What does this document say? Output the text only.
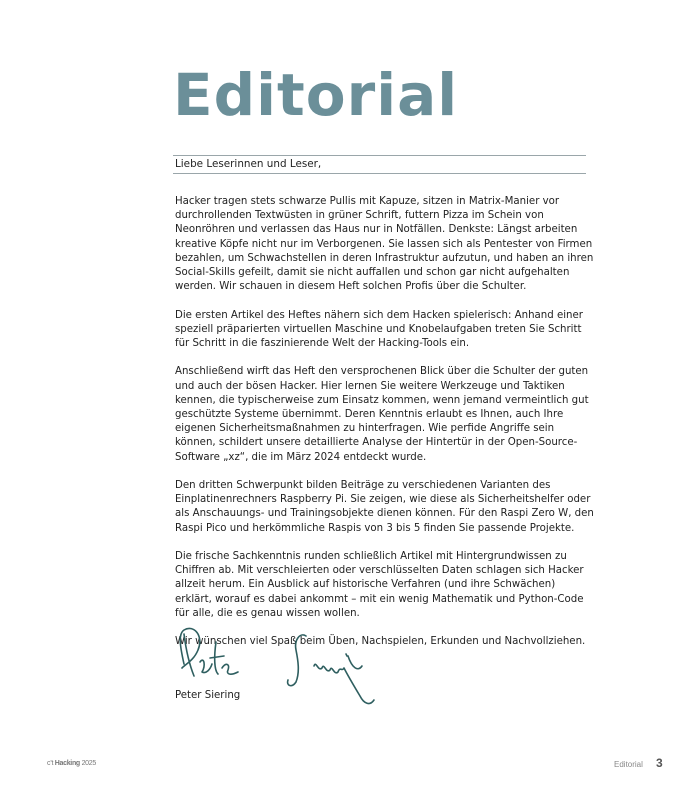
Editorial
Liebe Leserinnen und Leser,

Hacker tragen stets schwarze Pullis mit Kapuze, sitzen in Matrix-Manier vor durchrollenden Textwüsten in grüner Schrift, futtern Pizza im Schein von Neonröhren und verlassen das Haus nur in Notfällen. Denkste: Längst arbeiten kreative Köpfe nicht nur im Verborgenen. Sie lassen sich als Pentester von Firmen bezahlen, um Schwachstellen in deren Infrastruktur aufzutun, und haben an ihren Social-Skills gefeilt, damit sie nicht auffallen und schon gar nicht aufgehalten werden. Wir schauen in diesem Heft solchen Profis über die Schulter.

Die ersten Artikel des Heftes nähern sich dem Hacken spielerisch: Anhand einer speziell präparierten virtuellen Maschine und Knobelaufgaben treten Sie Schritt für Schritt in die faszinierende Welt der Hacking-Tools ein.

Anschließend wirft das Heft den versprochenen Blick über die Schulter der guten und auch der bösen Hacker. Hier lernen Sie weitere Werkzeuge und Taktiken kennen, die typischerweise zum Einsatz kommen, wenn jemand vermeintlich gut geschützte Systeme übernimmt. Deren Kenntnis erlaubt es Ihnen, auch Ihre eigenen Sicherheitsmaßnahmen zu hinterfragen. Wie perfide Angriffe sein können, schildert unsere detaillierte Analyse der Hintertür in der Open-Source-Software „xz“, die im März 2024 entdeckt wurde.

Den dritten Schwerpunkt bilden Beiträge zu verschiedenen Varianten des Einplatinenrechners Raspberry Pi. Sie zeigen, wie diese als Sicherheitshelfer oder als Anschauungs- und Trainingsobjekte dienen können. Für den Raspi Zero W, den Raspi Pico und herkömmliche Raspis von 3 bis 5 finden Sie passende Projekte.

Die frische Sachkenntnis runden schließlich Artikel mit Hintergrundwissen zu Chiffren ab. Mit verschleierten oder verschlüsselten Daten schlagen sich Hacker allzeit herum. Ein Ausblick auf historische Verfahren (und ihre Schwächen) erklärt, worauf es dabei ankommt – mit ein wenig Mathematik und Python-Code für alle, die es genau wissen wollen.

Wir wünschen viel Spaß beim Üben, Nachspielen, Erkunden und Nachvollziehen.

Peter Siering
c’t Hacking 2025	Editorial 3
